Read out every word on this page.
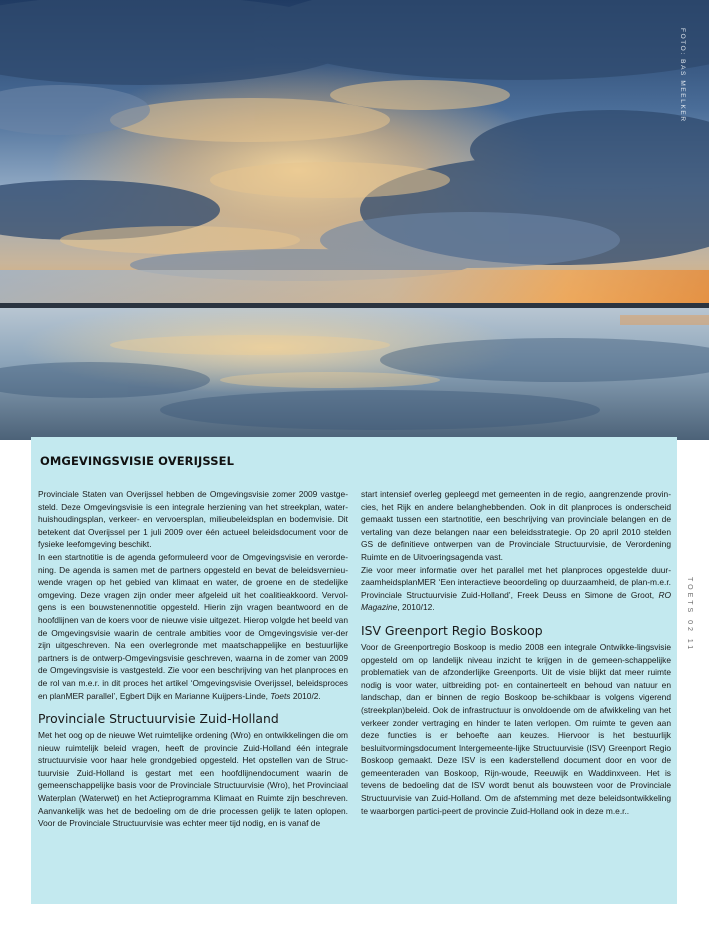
FOTO: BAS MEELKER
OMGEVINGSVISIE OVERIJSSEL

Provinciale Staten van Overijssel hebben de Omgevingsvisie zomer 2009 vastge-steld. Deze Omgevingsvisie is een integrale herziening van het streekplan, water-huishoudingsplan, verkeer- en vervoersplan, milieubeleidsplan en bodemvisie. Dit betekent dat Overijssel per 1 juli 2009 over één actueel beleidsdocument voor de fysieke leefomgeving beschikt.

In een startnotitie is de agenda geformuleerd voor de Omgevingsvisie en verorde-ning. De agenda is samen met de partners opgesteld en bevat de beleidsvernieu-wende vragen op het gebied van klimaat en water, de groene en de stedelijke omgeving. Deze vragen zijn onder meer afgeleid uit het coalitieakkoord. Vervol-gens is een bouwstenennotitie opgesteld. Hierin zijn vragen beantwoord en de hoofdlijnen van de koers voor de nieuwe visie uitgezet. Hierop volgde het beeld van de Omgevingsvisie waarin de centrale ambities voor de Omgevingsvisie ver-der zijn uitgeschreven. Na een overlegronde met maatschappelijke en bestuurlijke partners is de ontwerp-Omgevingsvisie geschreven, waarna in de zomer van 2009 de Omgevingsvisie is vastgesteld. Zie voor een beschrijving van het planproces en de rol van m.e.r. in dit proces het artikel ‘Omgevingsvisie Overijssel, beleidsproces en planMER parallel’, Egbert Dijk en Marianne Kuijpers-Linde, Toets 2010/2.

Provinciale Structuurvisie Zuid-Holland

Met het oog op de nieuwe Wet ruimtelijke ordening (Wro) en ontwikkelingen die om nieuw ruimtelijk beleid vragen, heeft de provincie Zuid-Holland één integrale structuurvisie voor haar hele grondgebied opgesteld. Het opstellen van de Struc-tuurvisie Zuid-Holland is gestart met een hoofdlijnendocument waarin de gemeenschappelijke basis voor de Provinciale Structuurvisie (Wro), het Provinciaal Waterplan (Waterwet) en het Actieprogramma Klimaat en Ruimte zijn beschreven. Aanvankelijk was het de bedoeling om de drie processen gelijk te laten oplopen. Voor de Provinciale Structuurvisie was echter meer tijd nodig, en is vanaf de

start intensief overleg gepleegd met gemeenten in de regio, aangrenzende provin-cies, het Rijk en andere belanghebbenden. Ook in dit planproces is onderscheid gemaakt tussen een startnotitie, een beschrijving van provinciale belangen en de vertaling van deze belangen naar een beleidsstrategie. Op 20 april 2010 stelden GS de definitieve ontwerpen van de Provinciale Structuurvisie, de Verordening Ruimte en de Uitvoeringsagenda vast.

Zie voor meer informatie over het parallel met het planproces opgestelde duur-zaamheidsplanMER ‘Een interactieve beoordeling op duurzaamheid, de plan-m.e.r. Provinciale Structuurvisie Zuid-Holland’, Freek Deuss en Simone de Groot, RO Magazine, 2010/12.

ISV Greenport Regio Boskoop

Voor de Greenportregio Boskoop is medio 2008 een integrale Ontwikke-lingsvisie opgesteld om op landelijk niveau inzicht te krijgen in de gemeen-schappelijke problematiek van de afzonderlijke Greenports. Uit de visie blijkt dat meer ruimte nodig is voor water, uitbreiding pot- en containerteelt en behoud van natuur en landschap, dan er binnen de regio Boskoop be-schikbaar is volgens vigerend (streekplan)beleid. Ook de infrastructuur is onvoldoende om de afwikkeling van het verkeer zonder vertraging en hinder te laten verlopen. Om ruimte te geven aan deze functies is er behoefte aan keuzes. Hiervoor is het bestuurlijk besluitvormingsdocument Intergemeente-lijke Structuurvisie (ISV) Greenport Regio Boskoop gemaakt. Deze ISV is een kaderstellend document door en voor de gemeenteraden van Boskoop, Rijn-woude, Reeuwijk en Waddinxveen. Het is tevens de bedoeling dat de ISV wordt benut als bouwsteen voor de Provinciale Structuurvisie van Zuid-Holland. Om de afstemming met deze beleidsontwikkeling te waarborgen partici-peert de provincie Zuid-Holland ook in deze m.e.r..

TOETS 02 11
